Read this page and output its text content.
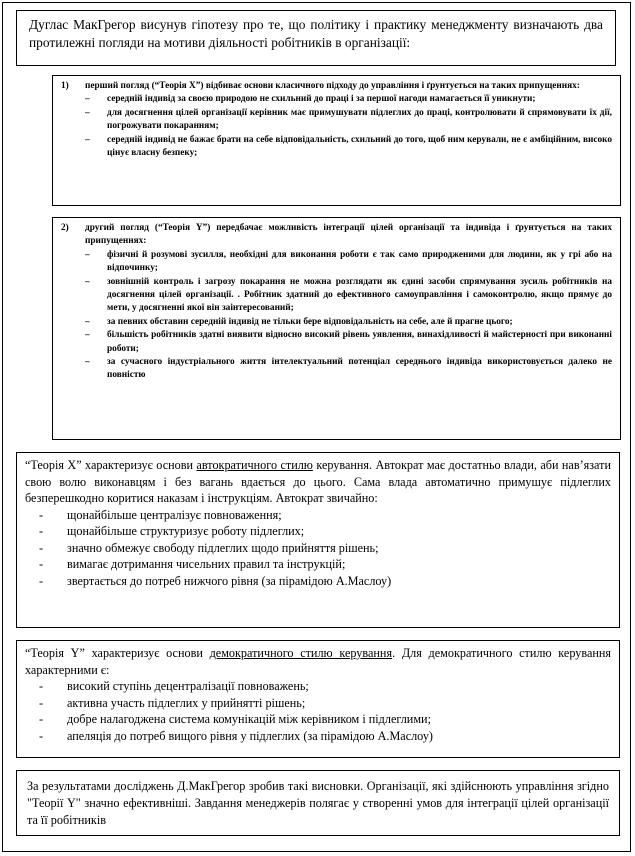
Дуглас МакГрегор висунув гіпотезу про те, що політику і практику менеджменту визначають два протилежні погляди на мотиви діяльності робітників в організації:
1)	перший погляд (“Теорія X”) відбиває основи класичного підходу до управління і ґрунтується на таких припущеннях:
–	середній індивід за своєю природою не схильний до праці і за першої нагоди намагається її уникнути;
–	для досягнення цілей організації керівник має примушувати підлеглих до праці, контролювати й спрямовувати їх дії, погрожувати покаранням;
–	середній індивід не бажає брати на себе відповідальність, схильний до того, щоб ним керували, не є амбіційним, високо цінує власну безпеку;
2)	другий погляд (“Теорія Y”) передбачає можливість інтеграції цілей організації та індивіда і ґрунтується на таких припущеннях:
–	фізичні й розумові зусилля, необхідні для виконання роботи є так само природженими для людини, як у грі або на відпочинку;
–	зовнішній контроль і загрозу покарання не можна розглядати як єдині засоби спрямування зусиль робітників на досягнення цілей організації. . Робітник здатний до ефективного самоуправління і самоконтролю, якщо прямує до мети, у досягненні якої він заінтересований;
–	за певних обставин середній індивід не тільки бере відповідальність на себе, але й прагне цього;
–	більшість робітників здатні виявити відносно високий рівень уявлення, винахідливості й майстерності при виконанні роботи;
–	за сучасного індустріального життя інтелектуальний потенціал середнього індивіда використовується далеко не повністю

“Теорія X” характеризує основи автократичного стилю керування. Автократ має достатньо влади, аби нав’язати свою волю виконавцям і без вагань вдається до цього. Сама влада автоматично примушує підлеглих безперешкодно коритися наказам і інструкціям. Автократ звичайно:

-	щонайбільше централізує повноваження;
-	щонайбільше структуризує роботу підлеглих;
-	значно обмежує свободу підлеглих щодо прийняття рішень;
-	вимагає дотримання чисельних правил та інструкцій;
-	звертається до потреб нижчого рівня (за пірамідою А.Маслоу)

“Теорія Y” характеризує основи демократичного стилю керування. Для демократичного стилю керування характерними є:

-	високий ступінь децентралізації повноважень;
-	активна участь підлеглих у прийнятті рішень;
-	добре налагоджена система комунікацій між керівником і підлеглими;
-	апеляція до потреб вищого рівня у підлеглих (за пірамідою А.Маслоу)
За результатами досліджень Д.МакГрегор зробив такі висновки. Організації, які здійснюють управління згідно "Теорії Y" значно ефективніші. Завдання менеджерів полягає у створенні умов для інтеграції цілей організації та її робітників
